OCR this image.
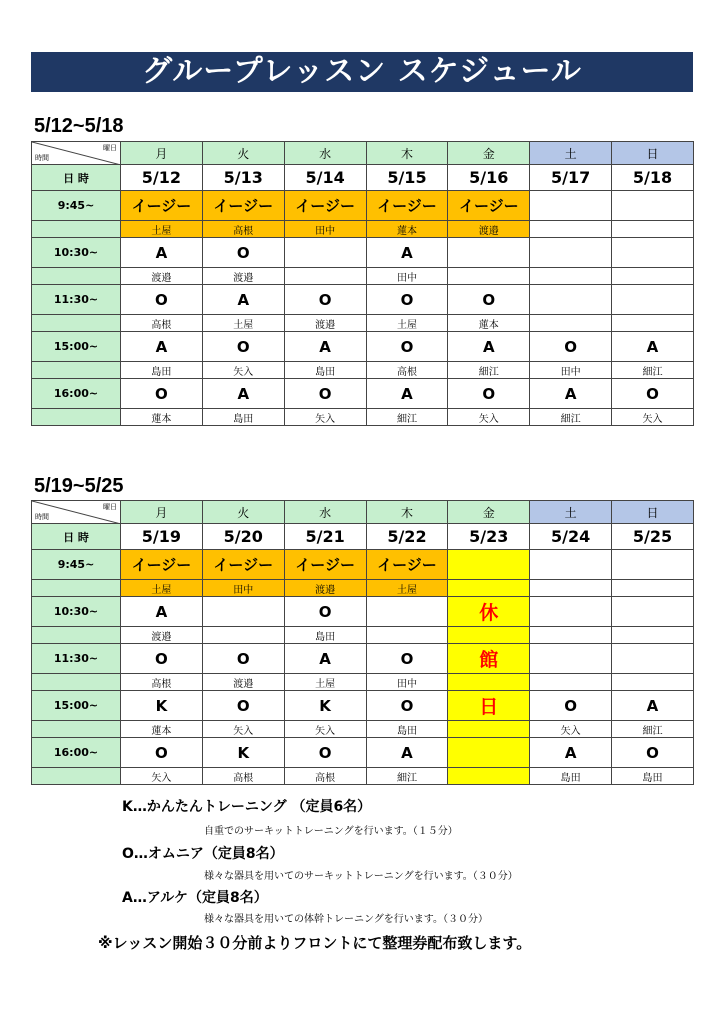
グループレッスン スケジュール
5/12~5/18
曜日
時間	月	火	水	木	金	土	日
日 時	5/12	5/13	5/14	5/15	5/16	5/17	5/18
9:45~	イージー	イージー	イージー	イージー	イージー		
	土屋	高根	田中	蓮本	渡邉		
10:30~	A	O		A			
	渡邉	渡邉		田中			
11:30~	O	A	O	O	O		
	高根	土屋	渡邉	土屋	蓮本		
15:00~	A	O	A	O	A	O	A
	島田	矢入	島田	高根	細江	田中	細江
16:00~	O	A	O	A	O	A	O
	蓮本	島田	矢入	細江	矢入	細江	矢入
5/19~5/25
曜日
時間	月	火	水	木	金	土	日
日 時	5/19	5/20	5/21	5/22	5/23	5/24	5/25
9:45~	イージー	イージー	イージー	イージー			
	土屋	田中	渡邉	土屋			
10:30~	A		O		休		
	渡邉		島田				
11:30~	O	O	A	O	館		
	高根	渡邉	土屋	田中			
15:00~	K	O	K	O	日	O	A
	蓮本	矢入	矢入	島田		矢入	細江
16:00~	O	K	O	A		A	O
	矢入	高根	高根	細江		島田	島田
K…かんたんトレーニング （定員6名）
自重でのサーキットトレーニングを行います。（１５分）
O…オムニア（定員8名）
様々な器具を用いてのサーキットトレーニングを行います。（３０分）
A…アルケ（定員8名）
様々な器具を用いての体幹トレーニングを行います。（３０分）
※レッスン開始３０分前よりフロントにて整理券配布致します。
